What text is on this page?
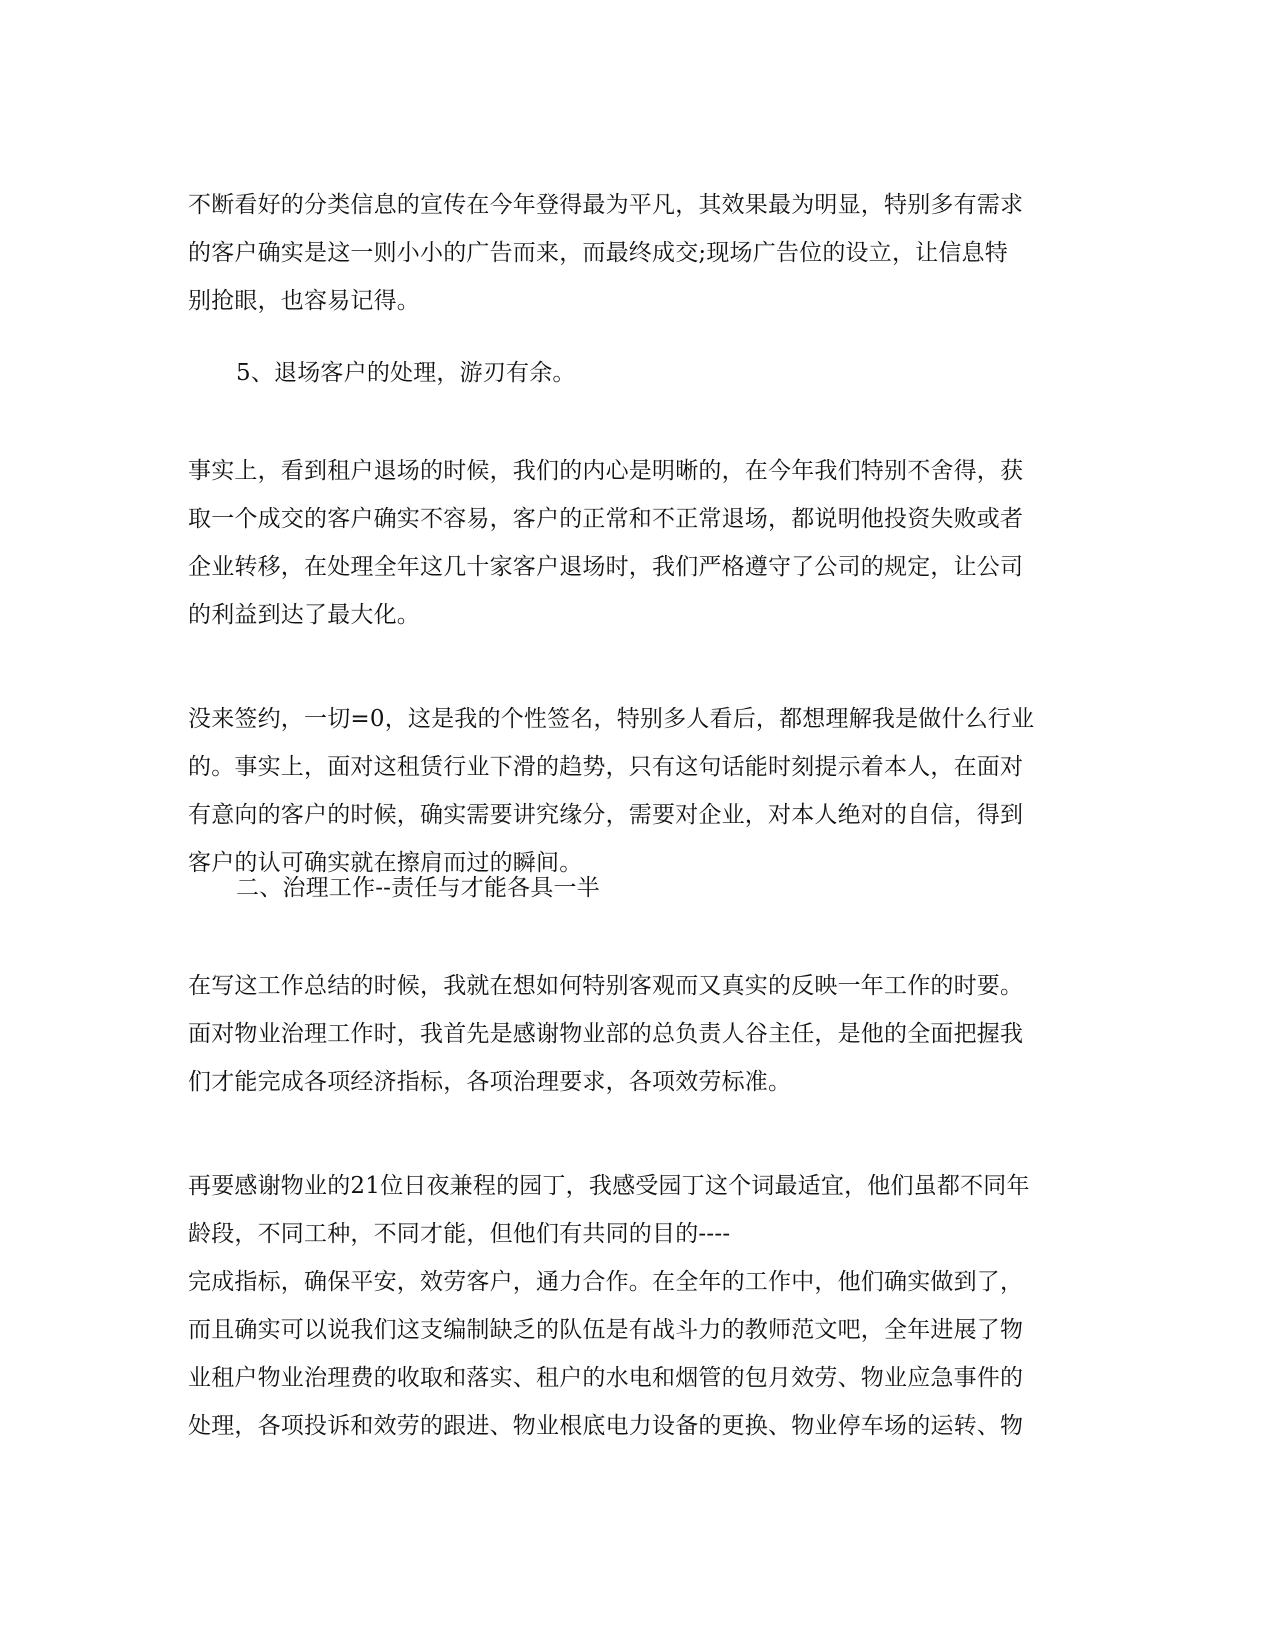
不断看好的分类信息的宣传在今年登得最为平凡，其效果最为明显，特别多有需求
的客户确实是这一则小小的广告而来，而最终成交;现场广告位的设立，让信息特
别抢眼，也容易记得。
5、退场客户的处理，游刃有余。
事实上，看到租户退场的时候，我们的内心是明晰的，在今年我们特别不舍得，获
取一个成交的客户确实不容易，客户的正常和不正常退场，都说明他投资失败或者
企业转移，在处理全年这几十家客户退场时，我们严格遵守了公司的规定，让公司
的利益到达了最大化。
没来签约，一切=0，这是我的个性签名，特别多人看后，都想理解我是做什么行业
的。事实上，面对这租赁行业下滑的趋势，只有这句话能时刻提示着本人，在面对
有意向的客户的时候，确实需要讲究缘分，需要对企业，对本人绝对的自信，得到
客户的认可确实就在擦肩而过的瞬间。
二、治理工作--责任与才能各具一半
在写这工作总结的时候，我就在想如何特别客观而又真实的反映一年工作的时要。
面对物业治理工作时，我首先是感谢物业部的总负责人谷主任，是他的全面把握我
们才能完成各项经济指标，各项治理要求，各项效劳标准。
再要感谢物业的21位日夜兼程的园丁，我感受园丁这个词最适宜，他们虽都不同年
龄段，不同工种，不同才能，但他们有共同的目的----
完成指标，确保平安，效劳客户，通力合作。在全年的工作中，他们确实做到了，
而且确实可以说我们这支编制缺乏的队伍是有战斗力的教师范文吧，全年进展了物
业租户物业治理费的收取和落实、租户的水电和烟管的包月效劳、物业应急事件的
处理，各项投诉和效劳的跟进、物业根底电力设备的更换、物业停车场的运转、物
